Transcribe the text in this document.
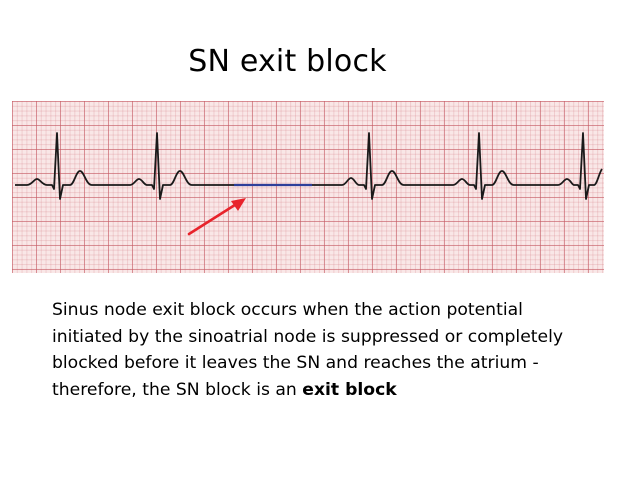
SN exit block
Sinus node exit block occurs when the action potential initiated by the sinoatrial node is suppressed or completely blocked before it leaves the SN and reaches the atrium - therefore, the SN block is an exit block
